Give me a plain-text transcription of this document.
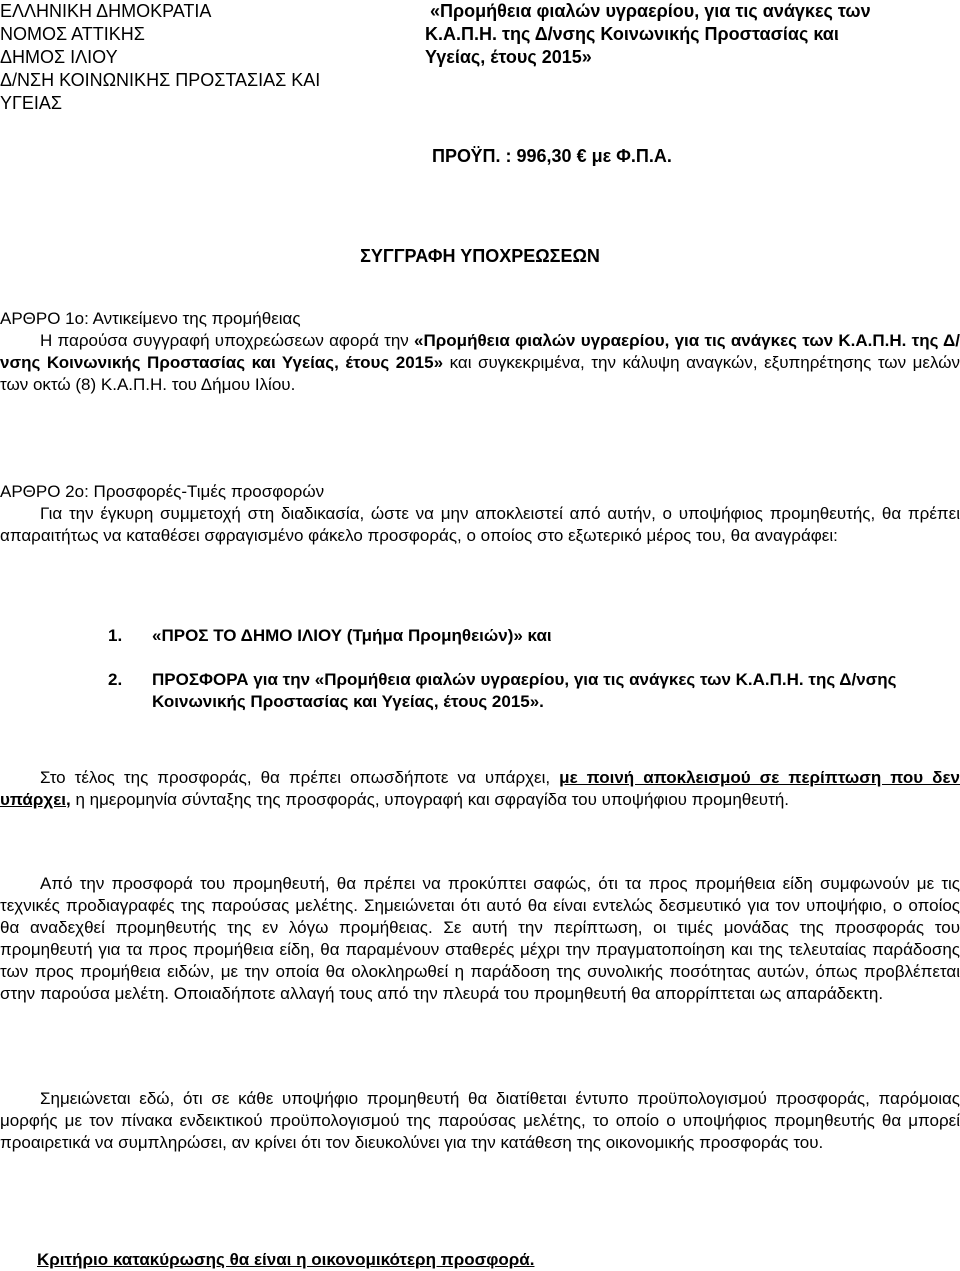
ΕΛΛΗΝΙΚΗ ΔΗΜΟΚΡΑΤΙΑ
ΝΟΜΟΣ ΑΤΤΙΚΗΣ
ΔΗΜΟΣ ΙΛΙΟΥ
Δ/ΝΣΗ ΚΟΙΝΩΝΙΚΗΣ ΠΡΟΣΤΑΣΙΑΣ ΚΑΙ
ΥΓΕΙΑΣ
«Προμήθεια φιαλών υγραερίου, για τις ανάγκες των
Κ.Α.Π.Η. της Δ/νσης Κοινωνικής Προστασίας και
Υγείας, έτους 2015»
ΠΡΟΫΠ. : 996,30 € με Φ.Π.Α.
ΣΥΓΓΡΑΦΗ ΥΠΟΧΡΕΩΣΕΩΝ
ΑΡΘΡΟ 1ο: Αντικείμενο της προμήθειας
Η παρούσα συγγραφή υποχρεώσεων αφορά την «Προμήθεια φιαλών υγραερίου, για τις ανάγκες των Κ.Α.Π.Η. της Δ/νσης Κοινωνικής Προστασίας και Υγείας, έτους 2015» και συγκεκριμένα, την κάλυψη αναγκών, εξυπηρέτησης των μελών των οκτώ (8) Κ.Α.Π.Η. του Δήμου Ιλίου.
ΑΡΘΡΟ 2ο: Προσφορές-Τιμές προσφορών
Για την έγκυρη συμμετοχή στη διαδικασία, ώστε να μην αποκλειστεί από αυτήν, ο υποψήφιος προμηθευτής, θα πρέπει απαραιτήτως να καταθέσει σφραγισμένο φάκελο προσφοράς, ο οποίος στο εξωτερικό μέρος του, θα αναγράφει:
1.	«ΠΡΟΣ ΤΟ ΔΗΜΟ ΙΛΙΟΥ (Τμήμα Προμηθειών)» και
2.	ΠΡΟΣΦΟΡΑ για την «Προμήθεια φιαλών υγραερίου, για τις ανάγκες των Κ.Α.Π.Η. της Δ/νσης Κοινωνικής Προστασίας και Υγείας, έτους 2015».
Στο τέλος της προσφοράς, θα πρέπει οπωσδήποτε να υπάρχει, με ποινή αποκλεισμού σε περίπτωση που δεν υπάρχει, η ημερομηνία σύνταξης της προσφοράς, υπογραφή και σφραγίδα του υποψήφιου προμηθευτή.
Από την προσφορά του προμηθευτή, θα πρέπει να προκύπτει σαφώς, ότι τα προς προμήθεια είδη συμφωνούν με τις τεχνικές προδιαγραφές της παρούσας μελέτης. Σημειώνεται ότι αυτό θα είναι εντελώς δεσμευτικό για τον υποψήφιο, ο οποίος θα αναδεχθεί προμηθευτής της εν λόγω προμήθειας. Σε αυτή την περίπτωση, οι τιμές μονάδας της προσφοράς του προμηθευτή για τα προς προμήθεια είδη, θα παραμένουν σταθερές μέχρι την πραγματοποίηση και της τελευταίας παράδοσης των προς προμήθεια ειδών, με την οποία θα ολοκληρωθεί η παράδοση της συνολικής ποσότητας αυτών, όπως προβλέπεται στην παρούσα μελέτη. Οποιαδήποτε αλλαγή τους από την πλευρά του προμηθευτή θα απορρίπτεται ως απαράδεκτη.
Σημειώνεται εδώ, ότι σε κάθε υποψήφιο προμηθευτή θα διατίθεται έντυπο προϋπολογισμού προσφοράς, παρόμοιας μορφής με τον πίνακα ενδεικτικού προϋπολογισμού της παρούσας μελέτης, το οποίο ο υποψήφιος προμηθευτής θα μπορεί προαιρετικά να συμπληρώσει, αν κρίνει ότι τον διευκολύνει για την κατάθεση της οικονομικής προσφοράς του.
Κριτήριο κατακύρωσης θα είναι η οικονομικότερη προσφορά.
